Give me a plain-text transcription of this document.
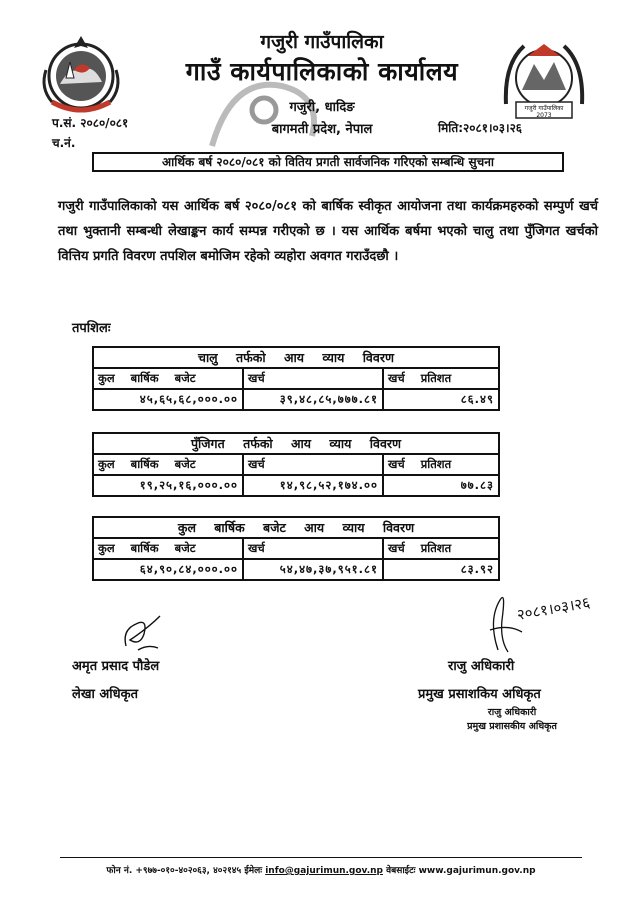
गजुरी गाउँपालिका
2073
गजुरी गाउँपालिका
गाउँ कार्यपालिकाको कार्यालय
गजुरी, धादिङ
बागमती प्रदेश, नेपाल
प.सं. २०८०/०८१
च.नं.
मिति:२०८१।०३।२६
आर्थिक बर्ष २०८०/०८१ को वितिय प्रगती सार्वजनिक गरिएको सम्बन्धि सुचना
गजुरी गाउँपालिकाको यस आर्थिक बर्ष २०८०/०८१ को बार्षिक स्वीकृत आयोजना तथा कार्यक्रमहरुको सम्पुर्ण खर्च तथा भुक्तानी सम्बन्धी लेखाङ्कन कार्य सम्पन्न गरीएको छ । यस आर्थिक बर्षमा भएको चालु तथा पुँजिगत खर्चको वित्तिय प्रगति विवरण तपशिल बमोजिम रहेको व्यहोरा अवगत गराउँदछौ ।
तपशिलः
चालु तर्फको आय व्याय विवरण		
कुल बार्षिक बजेट	खर्च	खर्च प्रतिशत
४५,६५,६८,०००.००	३९,४८,८५,७७७.८१	८६.४९
पुँजिगत तर्फको आय व्याय विवरण		
कुल बार्षिक बजेट	खर्च	खर्च प्रतिशत
१९,२५,१६,०००.००	१४,९८,५२,१७४.००	७७.८३
कुल बार्षिक बजेट आय व्याय विवरण		
कुल बार्षिक बजेट	खर्च	खर्च प्रतिशत
६४,९०,८४,०००.००	५४,४७,३७,९५१.८१	८३.९२
२०८१।०३।२६
अमृत प्रसाद पौडेल
लेखा अधिकृत
राजु अधिकारी
प्रमुख प्रसाशकिय अधिकृत
राजु अधिकारी
प्रमुख प्रशासकीय अधिकृत
फोन नं. +९७७-०१०-४०२०६३, ४०२१४५ ईमेलः info@gajurimun.gov.np वेबसाईटः www.gajurimun.gov.np
